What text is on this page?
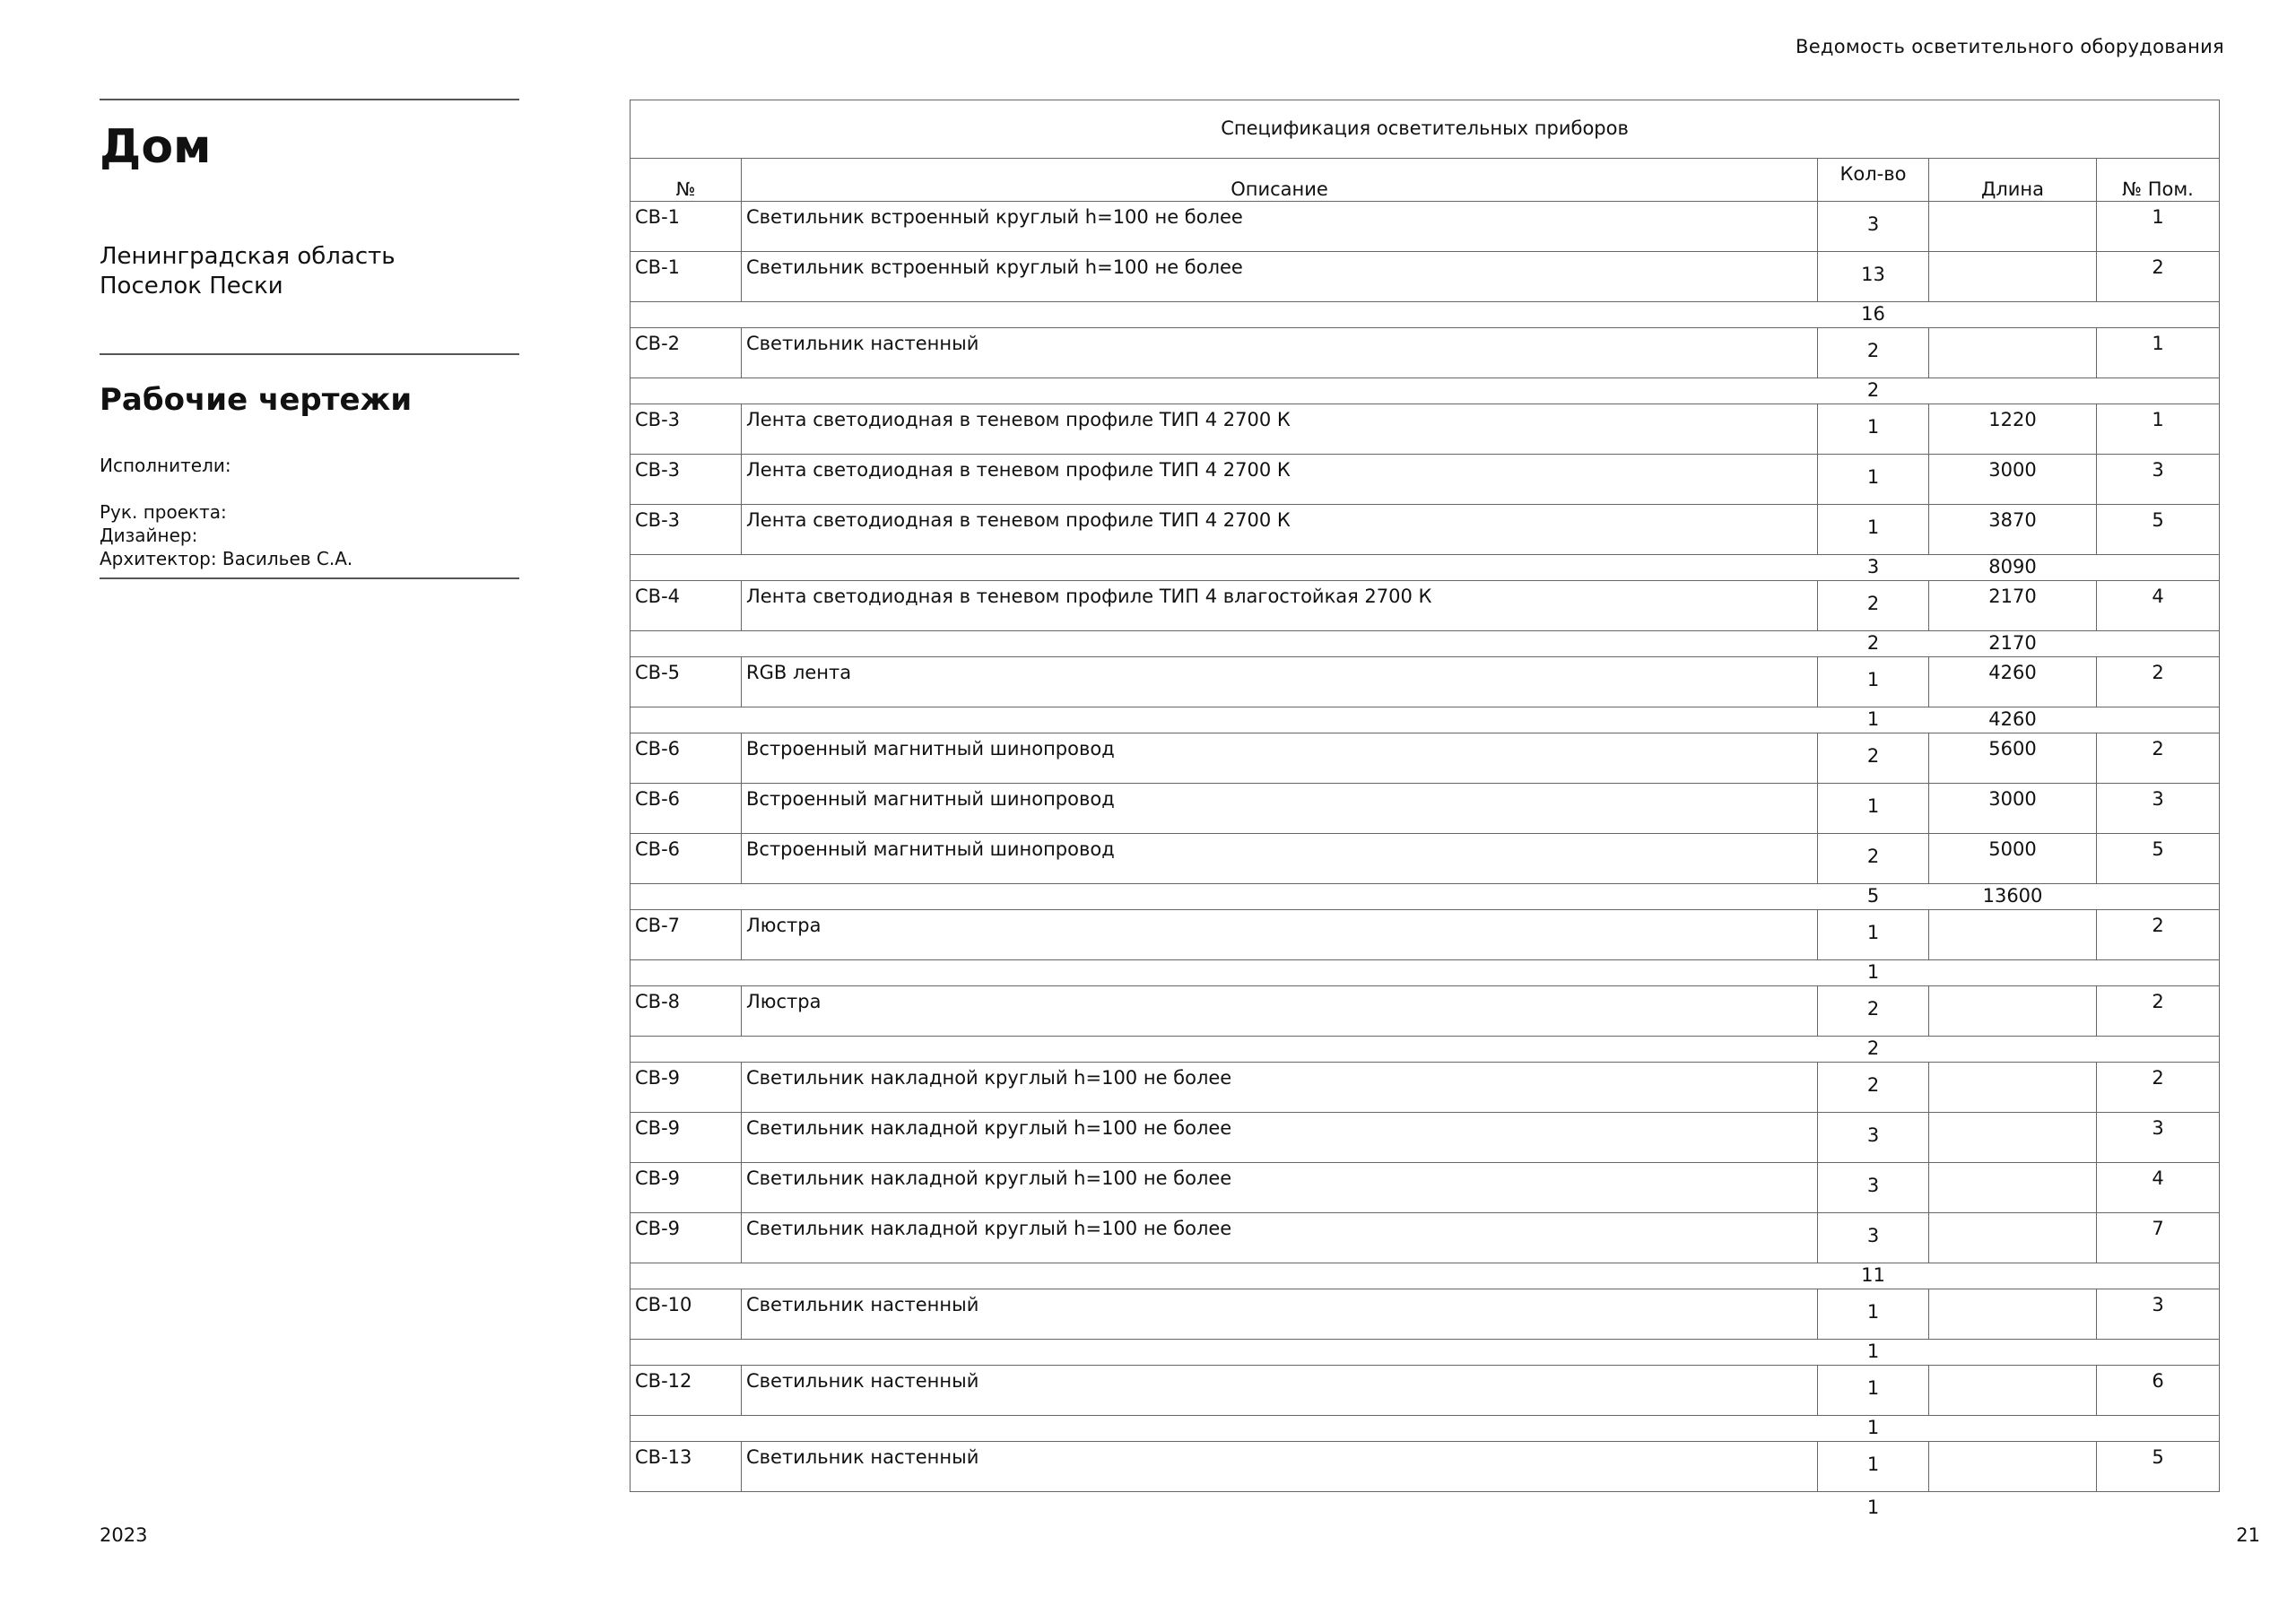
Ведомость осветительного оборудования
Дом
Ленинградская область
Поселок Пески
Рабочие чертежи
Исполнители:
Рук. проекта:
Дизайнер:
Архитектор: Васильев С.А.
Спецификация осветительных приборов				
№	Описание	Кол-во	Длина	№ Пом.
СВ-1	Светильник встроенный круглый h=100 не более	3		1
СВ-1	Светильник встроенный круглый h=100 не более	13		2
		16		
СВ-2	Светильник настенный	2		1
		2		
СВ-3	Лента светодиодная в теневом профиле ТИП 4 2700 К	1	1220	1
СВ-3	Лента светодиодная в теневом профиле ТИП 4 2700 К	1	3000	3
СВ-3	Лента светодиодная в теневом профиле ТИП 4 2700 К	1	3870	5
		3	8090	
СВ-4	Лента светодиодная в теневом профиле ТИП 4 влагостойкая 2700 К	2	2170	4
		2	2170	
СВ-5	RGB лента	1	4260	2
		1	4260	
СВ-6	Встроенный магнитный шинопровод	2	5600	2
СВ-6	Встроенный магнитный шинопровод	1	3000	3
СВ-6	Встроенный магнитный шинопровод	2	5000	5
		5	13600	
СВ-7	Люстра	1		2
		1		
СВ-8	Люстра	2		2
		2		
СВ-9	Светильник накладной круглый h=100 не более	2		2
СВ-9	Светильник накладной круглый h=100 не более	3		3
СВ-9	Светильник накладной круглый h=100 не более	3		4
СВ-9	Светильник накладной круглый h=100 не более	3		7
		11		
СВ-10	Светильник настенный	1		3
		1		
СВ-12	Светильник настенный	1		6
		1		
СВ-13	Светильник настенный	1		5
		1		
2023	21
